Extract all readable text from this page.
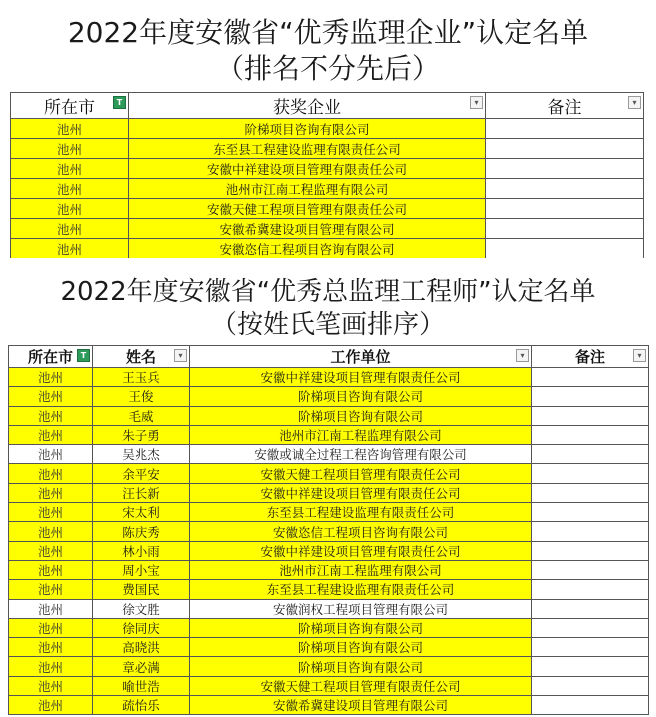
2022年度安徽省“优秀监理企业”认定名单
（排名不分先后）
所在市 T	获奖企业 ▾	备注 ▾

池州	阶梯项目咨询有限公司	
池州	东至县工程建设监理有限责任公司	
池州	安徽中祥建设项目管理有限责任公司	
池州	池州市江南工程监理有限公司	
池州	安徽天健工程项目管理有限责任公司	
池州	安徽希冀建设项目管理有限公司	
池州	安徽恣信工程项目咨询有限公司	
2022年度安徽省“优秀总监理工程师”认定名单
（按姓氏笔画排序）
所在市 T	姓名 ▾	工作单位 ▾	备注 ▾

池州	王玉兵	安徽中祥建设项目管理有限责任公司	
池州	王俊	阶梯项目咨询有限公司	
池州	毛威	阶梯项目咨询有限公司	
池州	朱子勇	池州市江南工程监理有限公司	
池州	吴兆杰	安徽或诚全过程工程咨询管理有限公司	
池州	余平安	安徽天健工程项目管理有限责任公司	
池州	汪长新	安徽中祥建设项目管理有限责任公司	
池州	宋太利	东至县工程建设监理有限责任公司	
池州	陈庆秀	安徽恣信工程项目咨询有限公司	
池州	林小雨	安徽中祥建设项目管理有限责任公司	
池州	周小宝	池州市江南工程监理有限公司	
池州	费国民	东至县工程建设监理有限责任公司	
池州	徐文胜	安徽润权工程项目管理有限公司	
池州	徐同庆	阶梯项目咨询有限公司	
池州	高晓洪	阶梯项目咨询有限公司	
池州	章必满	阶梯项目咨询有限公司	
池州	喻世浩	安徽天健工程项目管理有限责任公司	
池州	疏怡乐	安徽希冀建设项目管理有限公司	
